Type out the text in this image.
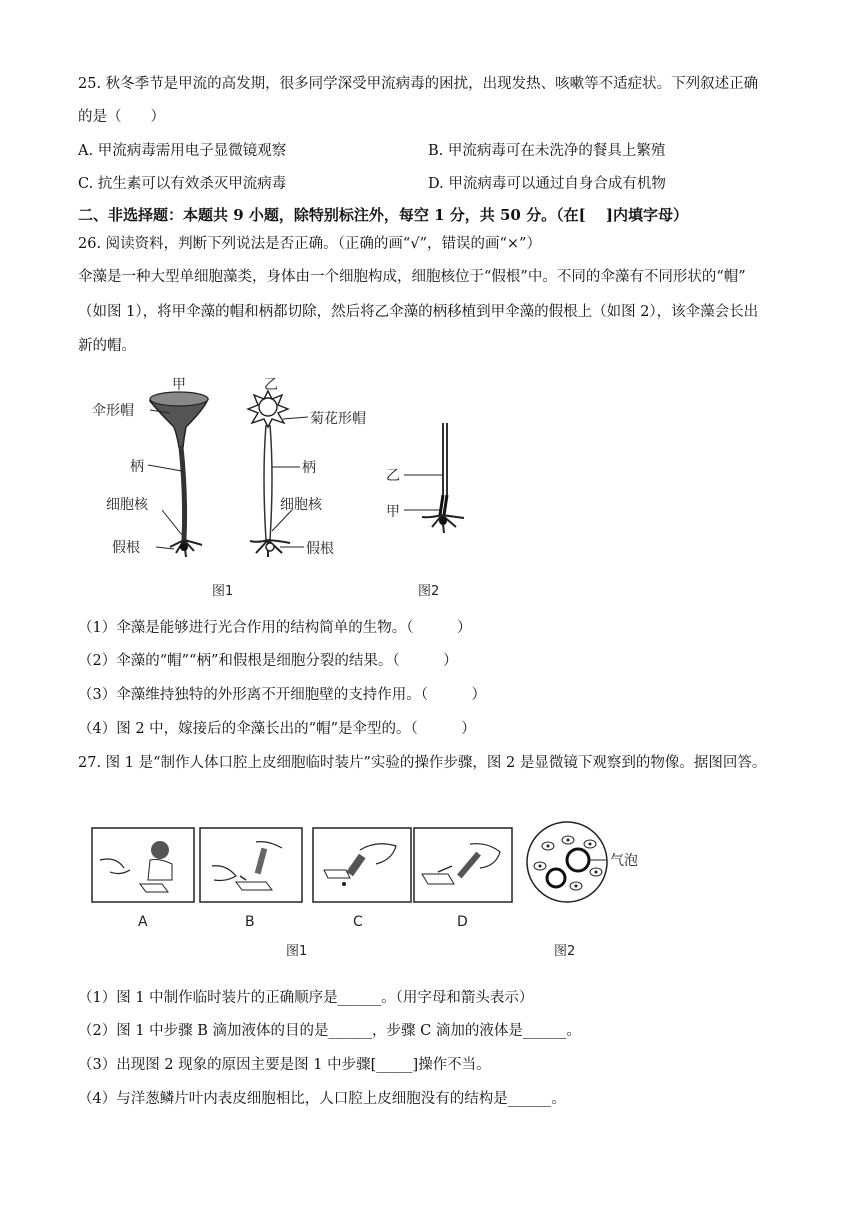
25. 秋冬季节是甲流的高发期，很多同学深受甲流病毒的困扰，出现发热、咳嗽等不适症状。下列叙述正确
的是（　　）
A. 甲流病毒需用电子显微镜观察	B. 甲流病毒可在未洗净的餐具上繁殖
C. 抗生素可以有效杀灭甲流病毒	D. 甲流病毒可以通过自身合成有机物
二、非选择题：本题共 9 小题，除特别标注外，每空 1 分，共 50 分。（在[　 ]内填字母）
26. 阅读资料，判断下列说法是否正确。（正确的画“√”，错误的画“×”）
伞藻是一种大型单细胞藻类，身体由一个细胞构成，细胞核位于“假根”中。不同的伞藻有不同形状的“帽”
（如图 1），将甲伞藻的帽和柄都切除，然后将乙伞藻的柄移植到甲伞藻的假根上（如图 2），该伞藻会长出
新的帽。
甲	乙
伞形帽
柄
细胞核
假根
菊花形帽
柄
细胞核
假根
乙
甲
图1	图2
（1）伞藻是能够进行光合作用的结构简单的生物。（　　　）
（2）伞藻的“帽”“柄”和假根是细胞分裂的结果。（　　　）
（3）伞藻维持独特的外形离不开细胞壁的支持作用。（　　　）
（4）图 2 中，嫁接后的伞藻长出的“帽”是伞型的。（　　　）
27. 图 1 是“制作人体口腔上皮细胞临时装片”实验的操作步骤，图 2 是显微镜下观察到的物像。据图回答。
A	B	C	D
气泡
图1	图2
（1）图 1 中制作临时装片的正确顺序是______。（用字母和箭头表示）
（2）图 1 中步骤 B 滴加液体的目的是______，步骤 C 滴加的液体是______。
（3）出现图 2 现象的原因主要是图 1 中步骤[_____]操作不当。
（4）与洋葱鳞片叶内表皮细胞相比，人口腔上皮细胞没有的结构是______。
